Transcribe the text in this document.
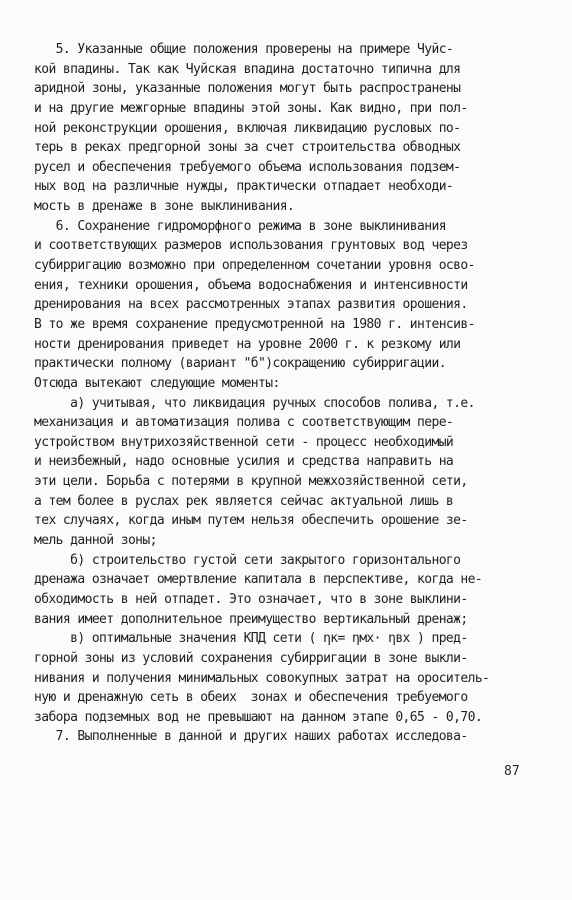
5. Указанные общие положения проверены на примере Чуйс-
кой впадины. Так как Чуйская впадина достаточно типична для
аридной зоны, указанные положения могут быть распространены
и на другие межгорные впадины этой зоны. Как видно, при пол-
ной реконструкции орошения, включая ликвидацию русловых по-
терь в реках предгорной зоны за счет строительства обводных
русел и обеспечения требуемого объема использования подзем-
ных вод на различные нужды, практически отпадает необходи-
мость в дренаже в зоне выклинивания.
6. Сохранение гидроморфного режима в зоне выклинивания
и соответствующих размеров использования грунтовых вод через
субирригацию возможно при определенном сочетании уровня осво-
ения, техники орошения, объема водоснабжения и интенсивности
дренирования на всех рассмотренных этапах развития орошения.
В то же время сохранение предусмотренной на 1980 г. интенсив-
ности дренирования приведет на уровне 2000 г. к резкому или
практически полному (вариант "б")сокращению субирригации.
Отсюда вытекают следующие моменты:
а) учитывая, что ликвидация ручных способов полива, т.е.
механизация и автоматизация полива с соответствующим пере-
устройством внутрихозяйственной сети - процесс необходимый
и неизбежный, надо основные усилия и средства направить на
эти цели. Борьба с потерями в крупной межхозяйственной сети,
а тем более в руслах рек является сейчас актуальной лишь в
тех случаях, когда иным путем нельзя обеспечить орошение зе-
мель данной зоны;
б) строительство густой сети закрытого горизонтального
дренажа означает омертвление капитала в перспективе, когда не-
обходимость в ней отпадет. Это означает, что в зоне выклини-
вания имеет дополнительное преимущество вертикальный дренаж;
в) оптимальные значения КПД сети ( ηк= ηмх· ηвх ) пред-
горной зоны из условий сохранения субирригации в зоне выкли-
нивания и получения минимальных совокупных затрат на ороситель-
ную и дренажную сеть в обеих  зонах и обеспечения требуемого
забора подземных вод не превышают на данном этапе 0,65 - 0,70.
7. Выполненные в данной и других наших работах исследова-
87
